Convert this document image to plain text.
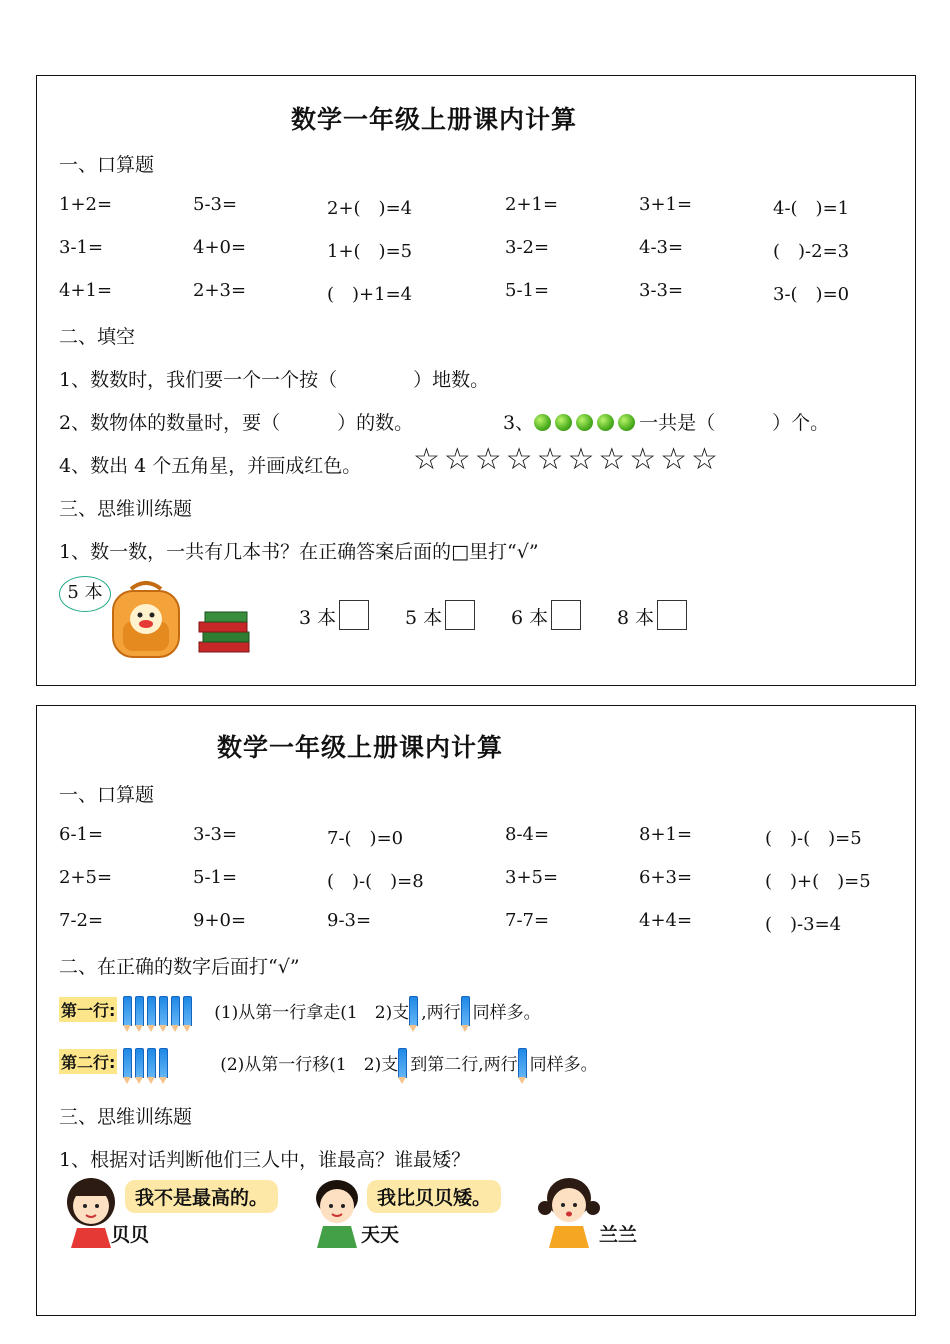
数学一年级上册课内计算
一、口算题
1+2=	5-3=	2+(　)=4	2+1=	3+1=	4-(　)=1
3-1=	4+0=	1+(　)=5	3-2=	4-3=	(　)-2=3
4+1=	2+3=	(　)+1=4	5-1=	3-3=	3-(　)=0
二、填空
1、数数时，我们要一个一个按（　　　　）地数。
2、数物体的数量时，要（　　　）的数。	3、	一共是（　　　）个。
4、数出 4 个五角星，并画成红色。 ☆☆☆☆☆☆☆☆☆☆
三、思维训练题
1、数一数，一共有几本书？在正确答案后面的□里打“√”
5 本
3 本	5 本	6 本	8 本
数学一年级上册课内计算
一、口算题
6-1=	3-3=	7-(　)=0	8-4=	8+1=	(　)-(　)=5
2+5=	5-1=	(　)-(　)=8	3+5=	6+3=	(　)+(　)=5
7-2=	9+0=	9-3=	7-7=	4+4=	(　)-3=4
二、在正确的数字后面打“√”
第一行:	(1)从第一行拿走(1　2)支 ,两行 同样多。
第二行:	(2)从第一行移(1　2)支 到第二行,两行 同样多。
三、思维训练题
1、根据对话判断他们三人中，谁最高？谁最矮？
我不是最高的。
贝贝
我比贝贝矮。
天天	兰兰
